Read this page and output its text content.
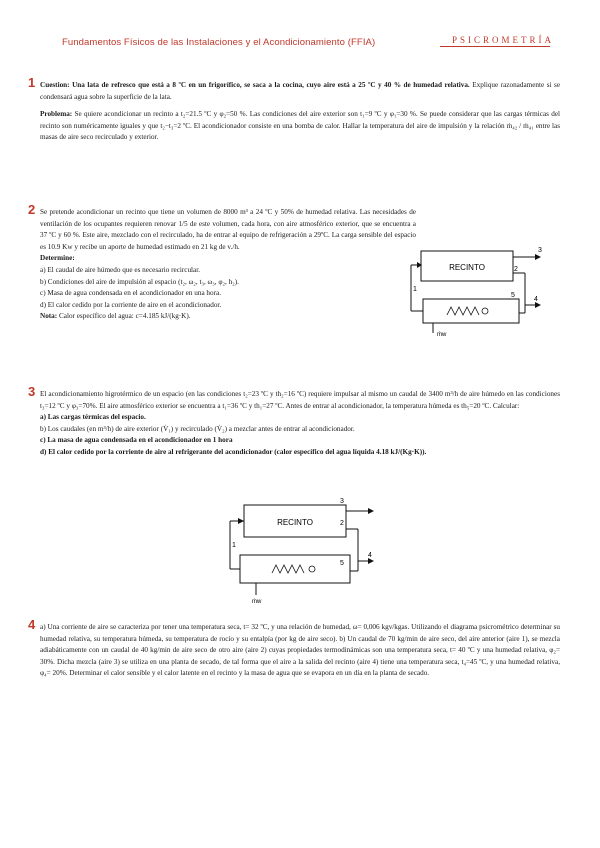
Fundamentos Físicos de las Instalaciones y el Acondicionamiento (FFIA)	PSICROMETRÍA
1 Cuestion: Una lata de refresco que está a 8 ºC en un frigorífico, se saca a la cocina, cuyo aire está a 25 ºC y 40 % de humedad relativa. Explique razonadamente si se condensará agua sobre la superficie de la lata.

Problema: Se quiere acondicionar un recinto a t₂=21.5 ºC y φ₂=50 %. Las condiciones del aire exterior son t₁=9 ºC y φ₁=30 %. Se puede considerar que las cargas térmicas del recinto son numéricamente iguales y que t₂−t₃=2 ºC. El acondicionador consiste en una bomba de calor. Hallar la temperatura del aire de impulsión y la relación ṁ₄₂ / ṁ₄₁ entre las masas de aire seco recirculado y exterior.

2 Se pretende acondicionar un recinto que tiene un volumen de 8000 m³ a 24 ºC y 50% de humedad relativa. Las necesidades de ventilación de los ocupantes requieren renovar 1/5 de este volumen, cada hora, con aire atmosférico exterior, que se encuentra a 37 ºC y 60 %. Este aire, mezclado con el recirculado, ha de entrar al equipo de refrigeración a 29ºC. La carga sensible del espacio es 10.9 Kw y recibe un aporte de humedad estimado en 21 kg de v./h.

Determine:

a) El caudal de aire húmedo que es necesario recircular.

b) Condiciones del aire de impulsión al espacio (t₂, ω₂, t₃, ω₃, φ₂, h₂).

c) Masa de agua condensada en el acondicionador en una hora.

d) El calor cedido por la corriente de aire en el acondicionador.

Nota: Calor específico del agua: c=4.185 kJ/(kg·K).

RECINTO
3
2
4
5
1
ṁw
3 El acondicionamiento higrotérmico de un espacio (en las condiciones t₂=23 ºC y th₂=16 ºC) requiere impulsar al mismo un caudal de 3400 m³/h de aire húmedo en las condiciones t₃=12 ºC y φ₃=70%. El aire atmosférico exterior se encuentra a t₁=36 ºC y th₁=27 ºC. Antes de entrar al acondicionador, la temperatura húmeda es th₅=20 ºC. Calcular:

a) Las cargas térmicas del espacio.

b) Los caudales (en m³/h) de aire exterior (V̇₁) y recirculado (V̇₂) a mezclar antes de entrar al acondicionador.

c) La masa de agua condensada en el acondicionador en 1 hora

d) El calor cedido por la corriente de aire al refrigerante del acondicionador (calor específico del agua líquida 4.18 kJ/(Kg·K)).

RECINTO
3
2
4
5
1
ṁw
4 a) Una corriente de aire se caracteriza por tener una temperatura seca, t= 32 ºC, y una relación de humedad, ω= 0,006 kgv/kgas. Utilizando el diagrama psicrométrico determinar su humedad relativa, su temperatura húmeda, su temperatura de rocío y su entalpía (por kg de aire seco). b) Un caudal de 70 kg/min de aire seco, del aire anterior (aire 1), se mezcla adiabáticamente con un caudal de 40 kg/min de aire seco de otro aire (aire 2) cuyas propiedades termodinámicas son una temperatura seca, t= 40 ºC y una humedad relativa, φ₂= 30%. Dicha mezcla (aire 3) se utiliza en una planta de secado, de tal forma que el aire a la salida del recinto (aire 4) tiene una temperatura seca, t₄=45 ºC, y una humedad relativa, φ₄= 20%. Determinar el calor sensible y el calor latente en el recinto y la masa de agua que se evapora en un día en la planta de secado.
